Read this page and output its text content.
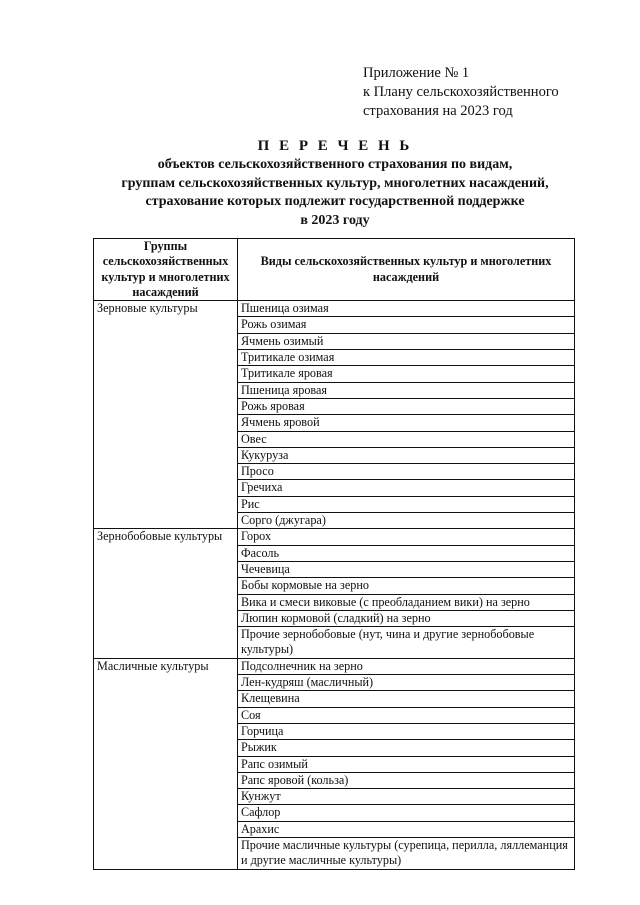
Приложение № 1
к Плану сельскохозяйственного
страхования на 2023 год
П Е Р Е Ч Е Н Ь
объектов сельскохозяйственного страхования по видам,
группам сельскохозяйственных культур, многолетних насаждений,
страхование которых подлежит государственной поддержке
в 2023 году
Группы сельскохозяйственных культур и многолетних насаждений	Виды сельскохозяйственных культур и многолетних насаждений
Зерновые культуры	Пшеница озимая
	Рожь озимая
	Ячмень озимый
	Тритикале озимая
	Тритикале яровая
	Пшеница яровая
	Рожь яровая
	Ячмень яровой
	Овес
	Кукуруза
	Просо
	Гречиха
	Рис
	Сорго (джугара)
Зернобобовые культуры	Горох
	Фасоль
	Чечевица
	Бобы кормовые на зерно
	Вика и смеси виковые (с преобладанием вики) на зерно
	Люпин кормовой (сладкий) на зерно
	Прочие зернобобовые (нут, чина и другие зернобобовые культуры)
Масличные культуры	Подсолнечник на зерно
	Лен-кудряш (масличный)
	Клещевина
	Соя
	Горчица
	Рыжик
	Рапс озимый
	Рапс яровой (кольза)
	Кунжут
	Сафлор
	Арахис
	Прочие масличные культуры (сурепица, перилла, ляллеманция и другие масличные культуры)
